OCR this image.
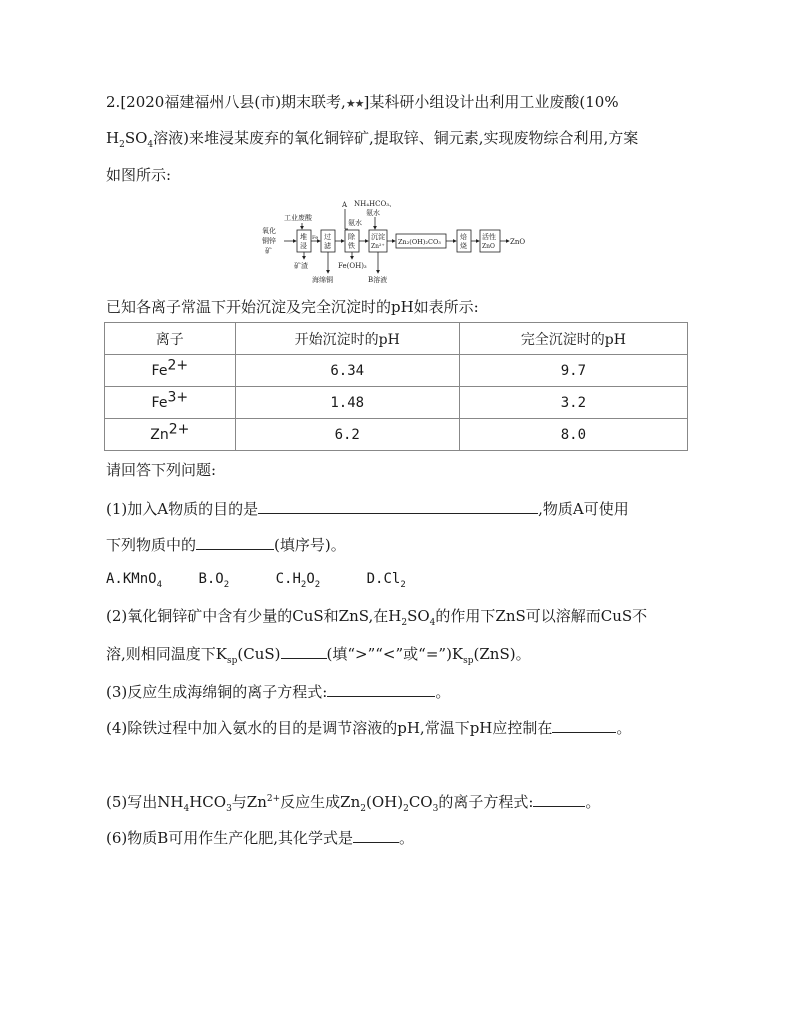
2.[2020福建福州八县(市)期末联考,★★]某科研小组设计出利用工业废酸(10%
$H_2SO_4$溶液)来堆浸某废弃的氧化铜锌矿,提取锌、铜元素,实现废物综合利用,方案
如图所示:
氧化
铜锌
矿
工业废酸
堆
浸
矿渣
Fe 过
滤
海绵铜
A
氨水
除
铁
Fe(OH)₃
NH₄HCO₃、
氨水
沉淀
Zn²⁺
B溶液
Zn₂(OH)₂CO₃
焙
烧
活性
ZnO
ZnO
已知各离子常温下开始沉淀及完全沉淀时的pH如表所示:
离子	开始沉淀时的pH	完全沉淀时的pH
$Fe^{2+}$	6.34	9.7
$Fe^{3+}$	1.48	3.2
$Zn^{2+}$	6.2	8.0
请回答下列问题:
(1)加入A物质的目的是	,物质A可使用
下列物质中的	(填序号)。
A.KMnO$_4$	$B.O_2$	$C.H_2O_2$	$D.Cl_2$
(2)氧化铜锌矿中含有少量的CuS和ZnS,在$H_2SO_4$的作用下ZnS可以溶解而CuS不
溶,则相同温度下$K_{sp}(CuS)$	(填“>”“<”或“$=”)K_{sp}(ZnS)$。
(3)反应生成海绵铜的离子方程式:	。
(4)除铁过程中加入氨水的目的是调节溶液的pH,常温下pH应控制在	。
(5)写出$NH_4HCO_3$与$Zn^{2+}$反应生成$Zn_2(OH)_2CO_3$的离子方程式:	。
(6)物质B可用作生产化肥,其化学式是	。
